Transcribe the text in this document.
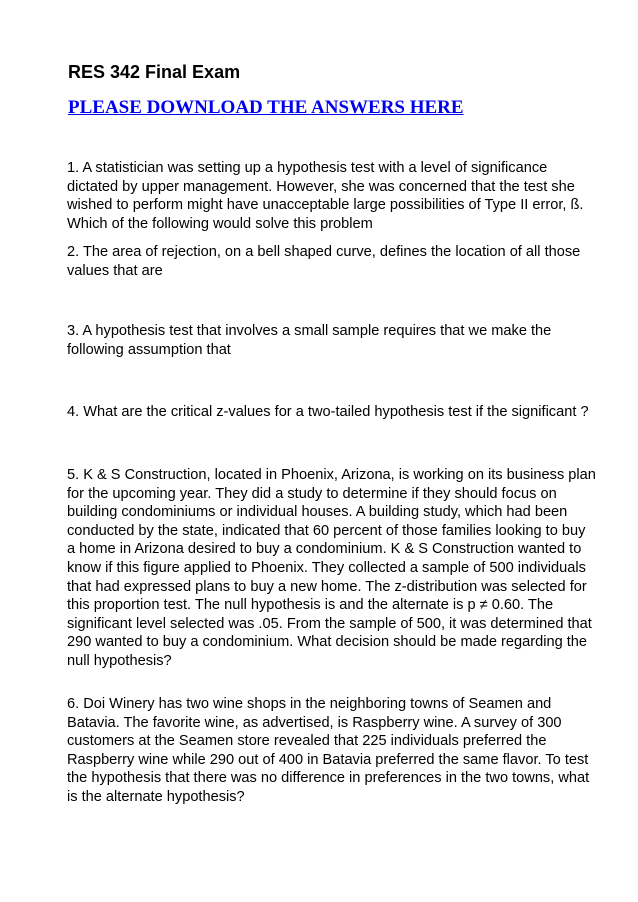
RES 342 Final Exam
PLEASE DOWNLOAD THE ANSWERS HERE

1. A statistician was setting up a hypothesis test with a level of significance dictated by upper management. However, she was concerned that the test she wished to perform might have unacceptable large possibilities of Type II error, ß. Which of the following would solve this problem

2. The area of rejection, on a bell shaped curve, defines the location of all those values that are

3. A hypothesis test that involves a small sample requires that we make the following assumption that

4. What are the critical z-values for a two-tailed hypothesis test if the significant ?

5. K & S Construction, located in Phoenix, Arizona, is working on its business plan for the upcoming year. They did a study to determine if they should focus on building condominiums or individual houses. A building study, which had been conducted by the state, indicated that 60 percent of those families looking to buy a home in Arizona desired to buy a condominium. K & S Construction wanted to know if this figure applied to Phoenix. They collected a sample of 500 individuals that had expressed plans to buy a new home. The z-distribution was selected for this proportion test. The null hypothesis is and the alternate is p ≠ 0.60. The significant level selected was .05. From the sample of 500, it was determined that 290 wanted to buy a condominium. What decision should be made regarding the null hypothesis?

6. Doi Winery has two wine shops in the neighboring towns of Seamen and Batavia. The favorite wine, as advertised, is Raspberry wine. A survey of 300 customers at the Seamen store revealed that 225 individuals preferred the Raspberry wine while 290 out of 400 in Batavia preferred the same flavor. To test the hypothesis that there was no difference in preferences in the two towns, what is the alternate hypothesis?
